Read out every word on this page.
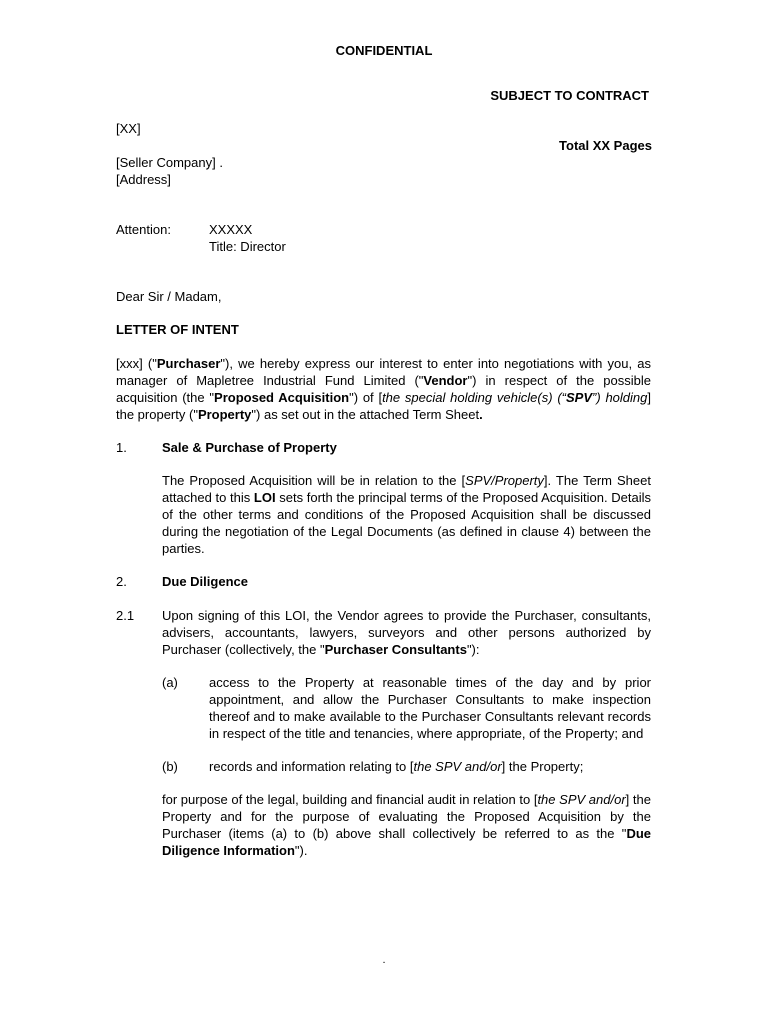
CONFIDENTIAL
SUBJECT TO CONTRACT
Total XX Pages
[XX]
[Seller Company] .
[Address]
Attention:	XXXXX
Title: Director
Dear Sir / Madam,
LETTER OF INTENT

[xxx] ("Purchaser"), we hereby express our interest to enter into negotiations with you, as manager of Mapletree Industrial Fund Limited ("Vendor") in respect of the possible acquisition (the "Proposed Acquisition") of [the special holding vehicle(s) (“SPV”) holding] the property ("Property") as set out in the attached Term Sheet.

1.	Sale & Purchase of Property

The Proposed Acquisition will be in relation to the [SPV/Property]. The Term Sheet attached to this LOI sets forth the principal terms of the Proposed Acquisition. Details of the other terms and conditions of the Proposed Acquisition shall be discussed during the negotiation of the Legal Documents (as defined in clause 4) between the parties.

2.	Due Diligence
2.1 Upon signing of this LOI, the Vendor agrees to provide the Purchaser, consultants, advisers, accountants, lawyers, surveyors and other persons authorized by Purchaser (collectively, the "Purchaser Consultants"):

(a) access to the Property at reasonable times of the day and by prior appointment, and allow the Purchaser Consultants to make inspection thereof and to make available to the Purchaser Consultants relevant records in respect of the title and tenancies, where appropriate, of the Property; and

(b) records and information relating to [the SPV and/or] the Property;

for purpose of the legal, building and financial audit in relation to [the SPV and/or] the Property and for the purpose of evaluating the Proposed Acquisition by the Purchaser (items (a) to (b) above shall collectively be referred to as the "Due Diligence Information").

.
